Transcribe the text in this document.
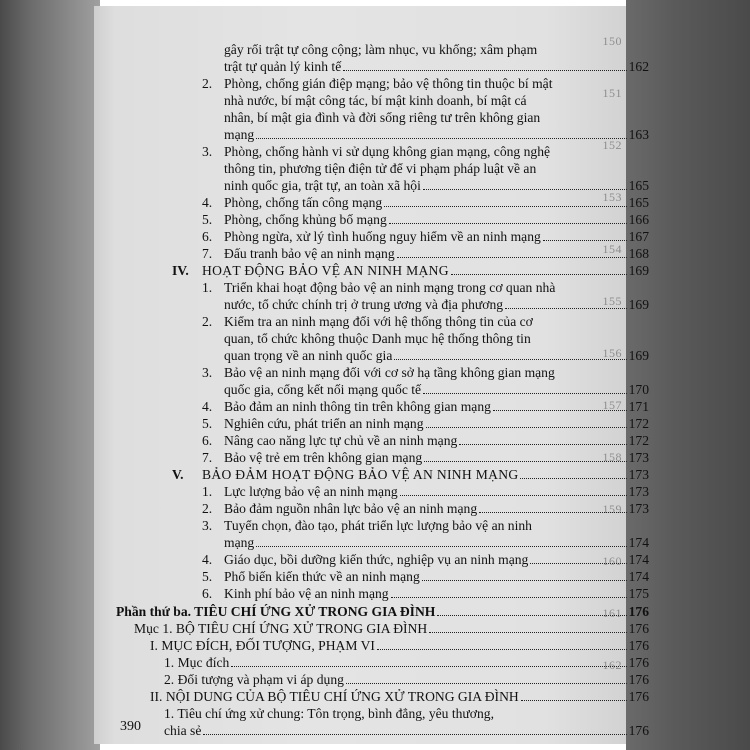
150
151
152
153
154
155
156
157
158
159
160
161
162
gây rối trật tự công cộng; làm nhục, vu khống; xâm phạm
trật tự quản lý kinh tế	162
2. Phòng, chống gián điệp mạng; bảo vệ thông tin thuộc bí mật
nhà nước, bí mật công tác, bí mật kinh doanh, bí mật cá
nhân, bí mật gia đình và đời sống riêng tư trên không gian
mạng	163
3. Phòng, chống hành vi sử dụng không gian mạng, công nghệ
thông tin, phương tiện điện tử để vi phạm pháp luật về an
ninh quốc gia, trật tự, an toàn xã hội	165
4. Phòng, chống tấn công mạng	165
5. Phòng, chống khủng bố mạng	166
6. Phòng ngừa, xử lý tình huống nguy hiểm về an ninh mạng	167
7. Đấu tranh bảo vệ an ninh mạng	168
IV. HOẠT ĐỘNG BẢO VỆ AN NINH MẠNG	169
1. Triển khai hoạt động bảo vệ an ninh mạng trong cơ quan nhà
nước, tổ chức chính trị ở trung ương và địa phương	169
2. Kiểm tra an ninh mạng đối với hệ thống thông tin của cơ
quan, tổ chức không thuộc Danh mục hệ thống thông tin
quan trọng về an ninh quốc gia	169
3. Bảo vệ an ninh mạng đối với cơ sở hạ tầng không gian mạng
quốc gia, cổng kết nối mạng quốc tế	170
4. Bảo đảm an ninh thông tin trên không gian mạng	171
5. Nghiên cứu, phát triển an ninh mạng	172
6. Nâng cao năng lực tự chủ về an ninh mạng	172
7. Bảo vệ trẻ em trên không gian mạng	173
V.	BẢO ĐẢM HOẠT ĐỘNG BẢO VỆ AN NINH MẠNG	173
1. Lực lượng bảo vệ an ninh mạng	173
2. Bảo đảm nguồn nhân lực bảo vệ an ninh mạng	173
3. Tuyển chọn, đào tạo, phát triển lực lượng bảo vệ an ninh
mạng	174
4. Giáo dục, bồi dưỡng kiến thức, nghiệp vụ an ninh mạng	174
5. Phổ biến kiến thức về an ninh mạng	174
6. Kinh phí bảo vệ an ninh mạng	175
Phần thứ ba. TIÊU CHÍ ỨNG XỬ TRONG GIA ĐÌNH	176
Mục 1. BỘ TIÊU CHÍ ỨNG XỬ TRONG GIA ĐÌNH	176
I. MỤC ĐÍCH, ĐỐI TƯỢNG, PHẠM VI	176
1. Mục đích	176
2. Đối tượng và phạm vi áp dụng	176
II. NỘI DUNG CỦA BỘ TIÊU CHÍ ỨNG XỬ TRONG GIA ĐÌNH	176
1. Tiêu chí ứng xử chung: Tôn trọng, bình đẳng, yêu thương,
chia sẻ	176
390
